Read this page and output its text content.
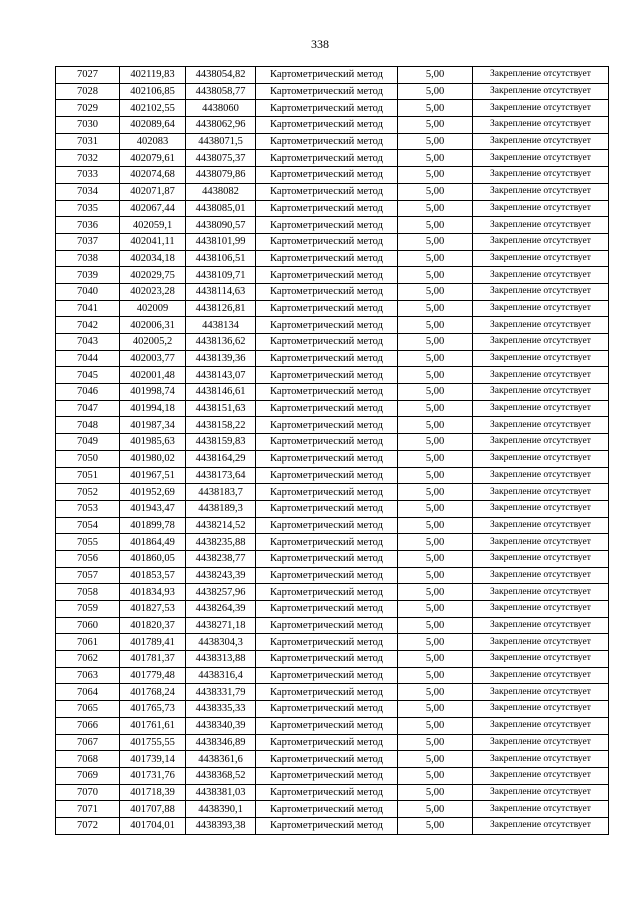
338
7027	402119,83	4438054,82	Картометрический метод	5,00	Закрепление отсутствует
7028	402106,85	4438058,77	Картометрический метод	5,00	Закрепление отсутствует
7029	402102,55	4438060	Картометрический метод	5,00	Закрепление отсутствует
7030	402089,64	4438062,96	Картометрический метод	5,00	Закрепление отсутствует
7031	402083	4438071,5	Картометрический метод	5,00	Закрепление отсутствует
7032	402079,61	4438075,37	Картометрический метод	5,00	Закрепление отсутствует
7033	402074,68	4438079,86	Картометрический метод	5,00	Закрепление отсутствует
7034	402071,87	4438082	Картометрический метод	5,00	Закрепление отсутствует
7035	402067,44	4438085,01	Картометрический метод	5,00	Закрепление отсутствует
7036	402059,1	4438090,57	Картометрический метод	5,00	Закрепление отсутствует
7037	402041,11	4438101,99	Картометрический метод	5,00	Закрепление отсутствует
7038	402034,18	4438106,51	Картометрический метод	5,00	Закрепление отсутствует
7039	402029,75	4438109,71	Картометрический метод	5,00	Закрепление отсутствует
7040	402023,28	4438114,63	Картометрический метод	5,00	Закрепление отсутствует
7041	402009	4438126,81	Картометрический метод	5,00	Закрепление отсутствует
7042	402006,31	4438134	Картометрический метод	5,00	Закрепление отсутствует
7043	402005,2	4438136,62	Картометрический метод	5,00	Закрепление отсутствует
7044	402003,77	4438139,36	Картометрический метод	5,00	Закрепление отсутствует
7045	402001,48	4438143,07	Картометрический метод	5,00	Закрепление отсутствует
7046	401998,74	4438146,61	Картометрический метод	5,00	Закрепление отсутствует
7047	401994,18	4438151,63	Картометрический метод	5,00	Закрепление отсутствует
7048	401987,34	4438158,22	Картометрический метод	5,00	Закрепление отсутствует
7049	401985,63	4438159,83	Картометрический метод	5,00	Закрепление отсутствует
7050	401980,02	4438164,29	Картометрический метод	5,00	Закрепление отсутствует
7051	401967,51	4438173,64	Картометрический метод	5,00	Закрепление отсутствует
7052	401952,69	4438183,7	Картометрический метод	5,00	Закрепление отсутствует
7053	401943,47	4438189,3	Картометрический метод	5,00	Закрепление отсутствует
7054	401899,78	4438214,52	Картометрический метод	5,00	Закрепление отсутствует
7055	401864,49	4438235,88	Картометрический метод	5,00	Закрепление отсутствует
7056	401860,05	4438238,77	Картометрический метод	5,00	Закрепление отсутствует
7057	401853,57	4438243,39	Картометрический метод	5,00	Закрепление отсутствует
7058	401834,93	4438257,96	Картометрический метод	5,00	Закрепление отсутствует
7059	401827,53	4438264,39	Картометрический метод	5,00	Закрепление отсутствует
7060	401820,37	4438271,18	Картометрический метод	5,00	Закрепление отсутствует
7061	401789,41	4438304,3	Картометрический метод	5,00	Закрепление отсутствует
7062	401781,37	4438313,88	Картометрический метод	5,00	Закрепление отсутствует
7063	401779,48	4438316,4	Картометрический метод	5,00	Закрепление отсутствует
7064	401768,24	4438331,79	Картометрический метод	5,00	Закрепление отсутствует
7065	401765,73	4438335,33	Картометрический метод	5,00	Закрепление отсутствует
7066	401761,61	4438340,39	Картометрический метод	5,00	Закрепление отсутствует
7067	401755,55	4438346,89	Картометрический метод	5,00	Закрепление отсутствует
7068	401739,14	4438361,6	Картометрический метод	5,00	Закрепление отсутствует
7069	401731,76	4438368,52	Картометрический метод	5,00	Закрепление отсутствует
7070	401718,39	4438381,03	Картометрический метод	5,00	Закрепление отсутствует
7071	401707,88	4438390,1	Картометрический метод	5,00	Закрепление отсутствует
7072	401704,01	4438393,38	Картометрический метод	5,00	Закрепление отсутствует
